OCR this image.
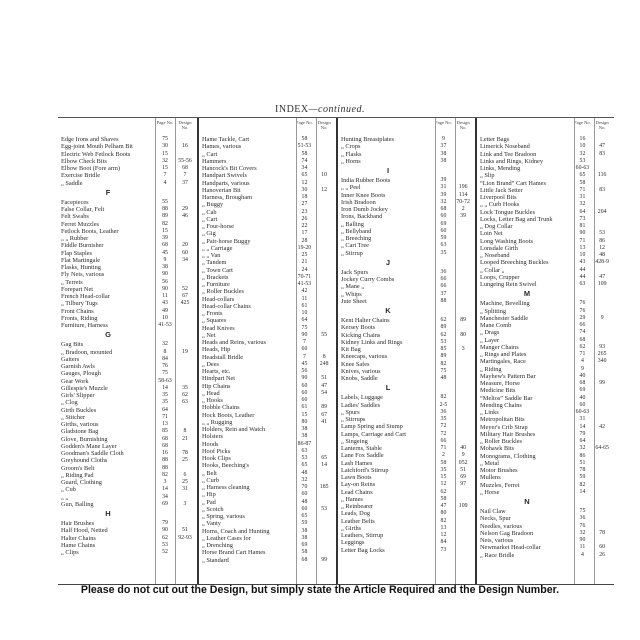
INDEX—continued.
Page No.	Design No.
Edge Irons and Shaves	75
Egg-joint Mouth Pelham Bit	30	16
Electric Web Fetlock Boots	15
Elbow Check Bits	32	55-56
Elbow Boot (Fore arm)	15	68
Exercise Bridle	7	7
„ Saddle	4	37
F
Facepieces	55
False Collar, Felt	88	29
Felt Swabs	89	46
Ferret Muzzles	82
Fetlock Boots, Leather	15
„ „ Rubber	39
Fiddle Burnisher	68	20
Flap Staples	45	60
Flat Martingale	9	34
Flasks, Hunting	38
Fly Nets, various	90
„ Terrets	56
Forepart Net	90	52
French Head-collar	11	67
„ Tilbury Tugs	43	425
Front Chains	49
Fronts, Riding	10
Furniture, Harness	41-53
G
Gag Bits	32
„ Bradoon, mounted	8	19
Gaiters	84
Garnish Awls	76
Gauges, Plough	75
Gear Work	58-63
Gillespie's Muzzle	14	35
Girls' Slipper	35	62
„ Clog	35	63
Girth Buckles	64
„ Stitcher	71
Girths, various	13
Gladstone Bag	85	8
Glove, Burnishing	68	21
Godden's Mane Layer	68
Goodman's Saddle Cloth	16	78
Greyhound Cloths	88	25
Groom's Belt	88
„ Riding Pad	82	6
Guard, Clothing	3	25
„ Cub	14	31
„ „	34
Gun, Balling	69	3
H
Hair Brushes	79
Half Hood, Netted	90	51
Halter Chains	62	92-93
Hame Chains	53
„ Clips	52
Page No.	Design No.
Hame Tackle, Cart	58
Hames, various	51-53
„ Cart	58
Hammers	74
Hancock's Bit Covers	34
Handpart Swivels	65	10
Handparts, various	12
Hanoverian Bit	30	12
Harness, Brougham	18
„ Buggy	27
„ Cab	23
„ Cart	26
„ Four-horse	22
„ Gig	17
„ Pair-horse Buggy	28
„ „ Carriage	19-20
„ „ Van	25
„ Tandem	21
„ Town Cart	24
„ Brackets	70-71
„ Furniture	41-53
„ Roller Buckles	42
Head-collars	11
Head-collar Chains	61
„ Fronts	10
„ Squares	64
Head Knives	75
„ Net	90	55
Heads and Reins, various	7
Heads, Hip	60
Headstall Bridle	7	8
„ Dees	45	248
Hearts, etc.	56
Hindpart Net	90	51
Hip Chains	60	47
„ Head	60	54
„ Hooks	60
Hobble Chains	61	89
Hock Boots, Leather	15	67
„ „ Rugging	80	41
Holders, Rein and Watch	38
Holsters	38
Hoods	86-87
Hoof Picks	63
Hook Clips	53	65
Hooks, Beeching's	65	14
„ Belt	48
„ Curb	32
„ Harness cleaning	70	185
„ Hip	60
„ Pad	48
„ Scotch	60	53
„ Spring, various	65
„ Vanty	59
Horns, Coach and Hunting	38
„ Leather Cases for	38
„ Drenching	69
Horse Brand Cart Hames	58
„ Standard	68	99
Page No.	Design No.
Hunting Breastplates	9
„ Crops	37
„ Flasks	38
„ Horns	38
I
India Rubber Boots	39
„ „ Peel	31	196
Inner Knee Boots	39	114
Irish Bradoon	32	70-72
Iron Dumb Jockey	68	2
Irons, Backband	60	39
„ Balling	69
„ Bellyband	60
„ Breeching	59
„ Cart Tree	63
„ Stirrup	35
J
Jack Spurs	36
Jockey Curry Combs	66
„ Mane „	66
„ Whips	37
Jute Sheet	88
K
Kent Halter Chains	62	89
Kersey Boots	89
Kicking Chains	62	80
Kidney Links and Rings	53
Kit Bag	85	3
Kneecaps, various	89
Knee Safes	82
Knives, various	75
Knobs, Saddle	48
L
Labels, Luggage	82
Ladies' Saddles	2-5
„ Spurs	36
„ Stirrups	35
Lamp Spring and Stump	72
Lamps, Carriage and Cart	72
„ Singeing	66
Lanterns, Stable	71	40
Lane Fox Saddle	2	9
Lash Hames	58	052
Latchford's Stirrup	35	51
Lawn Boots	15	69
Lay-on Reins	12	97
Lead Chains	62
„ Hames	58
„ Reinbearer	47	109
Leads, Dog	80
Leather Belts	82
„ Girths	13
Leathers, Stirrup	12
Leggings	84
Letter Bag Locks	73
Page No.	Design No.
Letter Bags	16
Limerick Noseband	10	47
Link and Tee Bradoon	32	83
Links and Rings, Kidney	53
Links, Mending	60-63
„ Slip	65	116
“Lion Brand” Cart Hames	58
Little Jack Setter	71	83
Liverpool Bits	31
„ „ Curb Hooks	32
Lock Tongue Buckles	64	204
Locks, Letter Bag and Trunk	73
„ Dog Collar	81
Loin Net	90	53
Long Washing Boots	71	86
Lonsdale Girth	13	12
„ Noseband	10	48
Looped Breeching Buckles	43	428-9
„ Collar „	44
Loops, Crupper	44	47
Lungeing Rein Swivel	63	109
M
Machine, Bevelling	76
„ Splitting	76
Manchester Saddle	29	9
Mane Comb	66
„ Drags	74
„ Layer	68
Manger Chains	62	93
„ Rings and Plates	71	265
Martingales, Race	4	340
„ Riding	9
Mayhew's Pattern Bar	40
Measure, Horse	68	99
Medicine Bits	69
“Meltos” Saddle Bar	40
Mending Chains	60
„ Links	60-63
Metropolitan Bits	31
Meyer's Crib Strap	14	42
Military Hair Brushes	79
„ Roller Buckles	64
Mohawk Bits	32	64-65
Monograms, Clothing	86
„ Metal	51
Motor Brushes	78
Mullens	59
Muzzles, Ferret	82
„ Horse	14
N
Nail Claw	75
Necks, Spur	36
Needles, various	76
Nelson Gag Bradoon	32	78
Nets, various	90
Newmarket Head-collar	11	60
„ Race Bridle	4	26
Please do not cut out the Design, but simply state the Article Required and the Design Number.
